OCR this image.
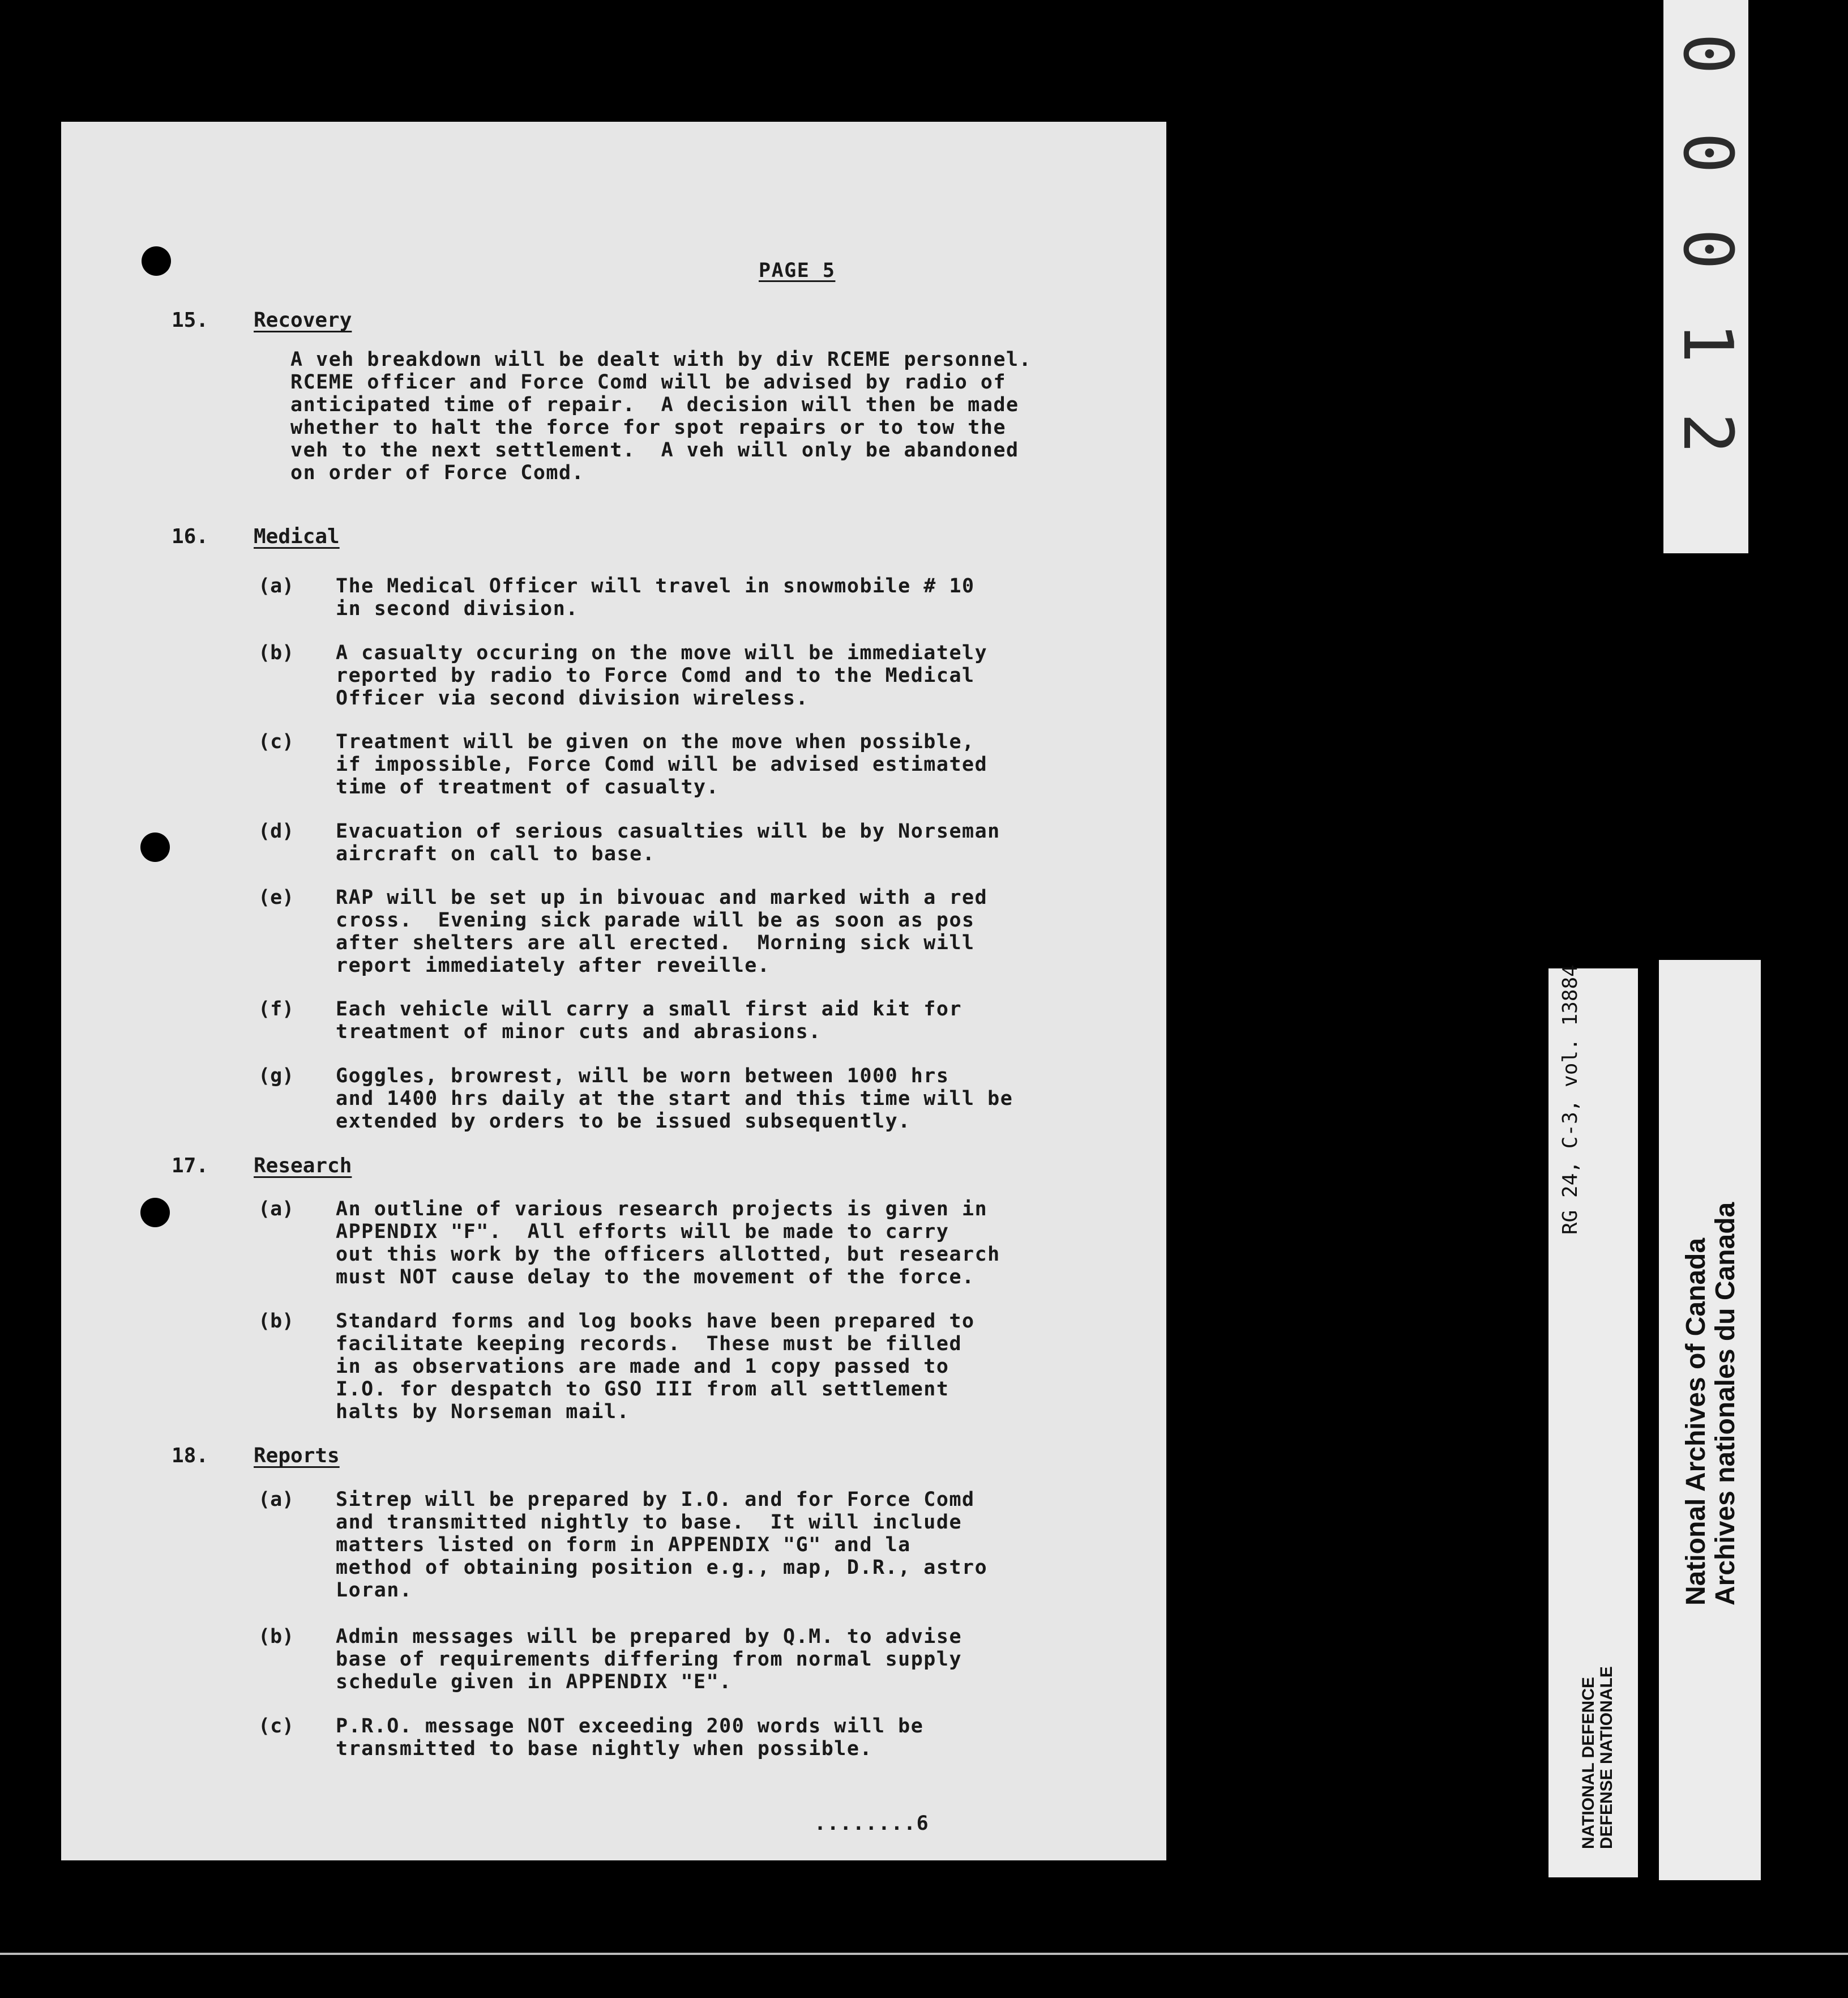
PAGE 5
15. Recovery
A veh breakdown will be dealt with by div RCEME personnel.
RCEME officer and Force Comd will be advised by radio of
anticipated time of repair.  A decision will then be made
whether to halt the force for spot repairs or to tow the
veh to the next settlement.  A veh will only be abandoned
on order of Force Comd.
16. Medical
(a) The Medical Officer will travel in snowmobile # 10
in second division.
(b) A casualty occuring on the move will be immediately
reported by radio to Force Comd and to the Medical
Officer via second division wireless.
(c) Treatment will be given on the move when possible,
if impossible, Force Comd will be advised estimated
time of treatment of casualty.
(d) Evacuation of serious casualties will be by Norseman
aircraft on call to base.
(e) RAP will be set up in bivouac and marked with a red
cross.  Evening sick parade will be as soon as pos
after shelters are all erected.  Morning sick will
report immediately after reveille.
(f) Each vehicle will carry a small first aid kit for
treatment of minor cuts and abrasions.
(g) Goggles, browrest, will be worn between 1000 hrs
and 1400 hrs daily at the start and this time will be
extended by orders to be issued subsequently.
17. Research
(a) An outline of various research projects is given in
APPENDIX "F".  All efforts will be made to carry
out this work by the officers allotted, but research
must NOT cause delay to the movement of the force.
(b) Standard forms and log books have been prepared to
facilitate keeping records.  These must be filled
in as observations are made and 1 copy passed to
I.O. for despatch to GSO III from all settlement
halts by Norseman mail.
18. Reports
(a) Sitrep will be prepared by I.O. and for Force Comd
and transmitted nightly to base.  It will include
matters listed on form in APPENDIX "G" and la
method of obtaining position e.g., map, D.R., astro
Loran.
(b) Admin messages will be prepared by Q.M. to advise
base of requirements differing from normal supply
schedule given in APPENDIX "E".
(c) P.R.O. message NOT exceeding 200 words will be
transmitted to base nightly when possible.
........6
0
0
0
1
2
RG 24, C-3, vol. 13884
NATIONAL DEFENCE DEFENSE NATIONALE
National Archives of Canada Archives nationales du Canada
